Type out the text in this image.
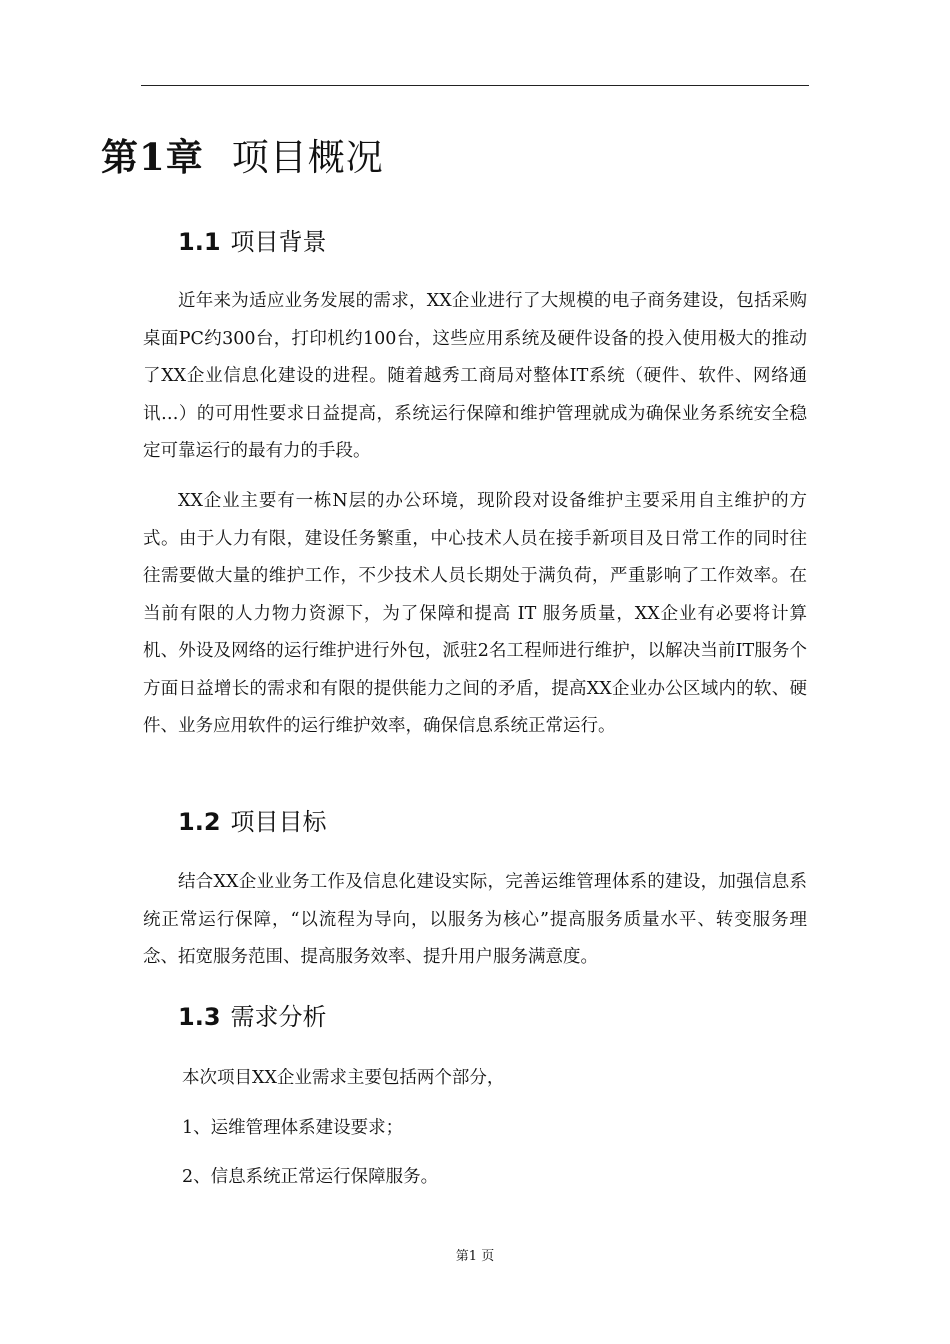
第1章 项目概况
1.1 项目背景

近年来为适应业务发展的需求，XX企业进行了大规模的电子商务建设，包括采购桌面PC约300台，打印机约100台，这些应用系统及硬件设备的投入使用极大的推动了XX企业信息化建设的进程。随着越秀工商局对整体IT系统（硬件、软件、网络通讯…）的可用性要求日益提高，系统运行保障和维护管理就成为确保业务系统安全稳定可靠运行的最有力的手段。

XX企业主要有一栋N层的办公环境，现阶段对设备维护主要采用自主维护的方式。由于人力有限，建设任务繁重，中心技术人员在接手新项目及日常工作的同时往往需要做大量的维护工作，不少技术人员长期处于满负荷，严重影响了工作效率。在当前有限的人力物力资源下，为了保障和提高 IT 服务质量，XX企业有必要将计算机、外设及网络的运行维护进行外包，派驻2名工程师进行维护，以解决当前IT服务个方面日益增长的需求和有限的提供能力之间的矛盾，提高XX企业办公区域内的软、硬件、业务应用软件的运行维护效率，确保信息系统正常运行。

1.2 项目目标

结合XX企业业务工作及信息化建设实际，完善运维管理体系的建设，加强信息系统正常运行保障，“以流程为导向，以服务为核心”提高服务质量水平、转变服务理念、拓宽服务范围、提高服务效率、提升用户服务满意度。

1.3 需求分析

本次项目XX企业需求主要包括两个部分，

1、运维管理体系建设要求；

2、信息系统正常运行保障服务。

第1 页
